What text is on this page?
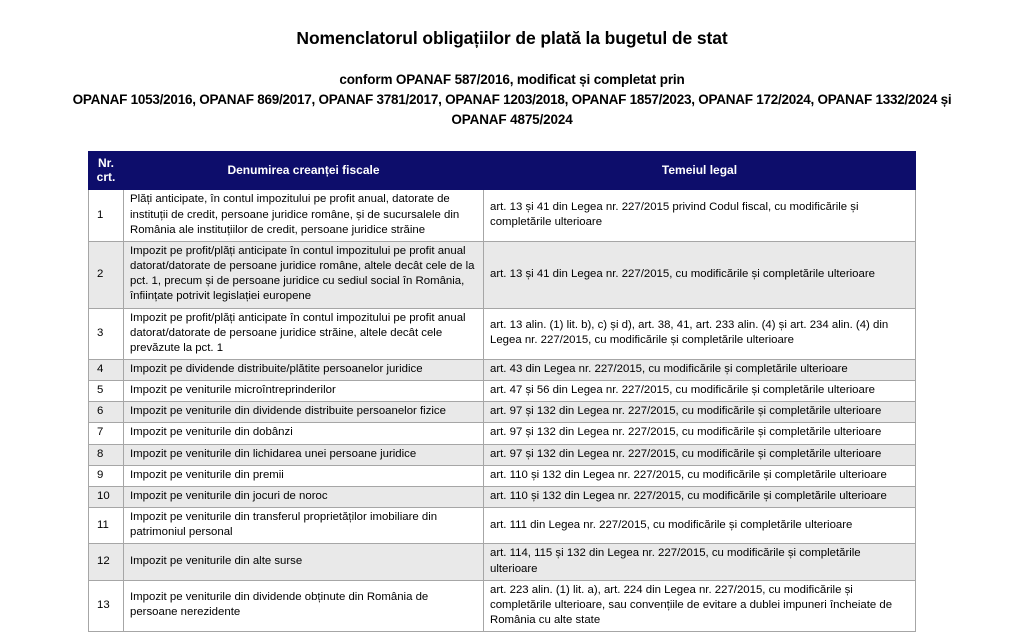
Nomenclatorul obligațiilor de plată la bugetul de stat
conform OPANAF 587/2016, modificat și completat prin
OPANAF 1053/2016, OPANAF 869/2017, OPANAF 3781/2017, OPANAF 1203/2018, OPANAF 1857/2023, OPANAF 172/2024, OPANAF 1332/2024 și
OPANAF 4875/2024
Nr.
crt.	Denumirea creanței fiscale	Temeiul legal
1	Plăți anticipate, în contul impozitului pe profit anual, datorate de instituții de credit, persoane juridice române, și de sucursalele din România ale instituțiilor de credit, persoane juridice străine	art. 13 și 41 din Legea nr. 227/2015 privind Codul fiscal, cu modificările și completările ulterioare
2	Impozit pe profit/plăți anticipate în contul impozitului pe profit anual datorat/datorate de persoane juridice române, altele decât cele de la pct. 1, precum și de persoane juridice cu sediul social în România, înființate potrivit legislației europene	art. 13 și 41 din Legea nr. 227/2015, cu modificările și completările ulterioare
3	Impozit pe profit/plăți anticipate în contul impozitului pe profit anual datorat/datorate de persoane juridice străine, altele decât cele prevăzute la pct. 1	art. 13 alin. (1) lit. b), c) și d), art. 38, 41, art. 233 alin. (4) și art. 234 alin. (4) din Legea nr. 227/2015, cu modificările și completările ulterioare
4	Impozit pe dividende distribuite/plătite persoanelor juridice	art. 43 din Legea nr. 227/2015, cu modificările și completările ulterioare
5	Impozit pe veniturile microîntreprinderilor	art. 47 și 56 din Legea nr. 227/2015, cu modificările și completările ulterioare
6	Impozit pe veniturile din dividende distribuite persoanelor fizice	art. 97 și 132 din Legea nr. 227/2015, cu modificările și completările ulterioare
7	Impozit pe veniturile din dobânzi	art. 97 și 132 din Legea nr. 227/2015, cu modificările și completările ulterioare
8	Impozit pe veniturile din lichidarea unei persoane juridice	art. 97 și 132 din Legea nr. 227/2015, cu modificările și completările ulterioare
9	Impozit pe veniturile din premii	art. 110 și 132 din Legea nr. 227/2015, cu modificările și completările ulterioare
10	Impozit pe veniturile din jocuri de noroc	art. 110 și 132 din Legea nr. 227/2015, cu modificările și completările ulterioare
11	Impozit pe veniturile din transferul proprietăților imobiliare din patrimoniul personal	art. 111 din Legea nr. 227/2015, cu modificările și completările ulterioare
12	Impozit pe veniturile din alte surse	art. 114, 115 și 132 din Legea nr. 227/2015, cu modificările și completările ulterioare
13	Impozit pe veniturile din dividende obținute din România de persoane nerezidente	art. 223 alin. (1) lit. a), art. 224 din Legea nr. 227/2015, cu modificările și completările ulterioare, sau convențiile de evitare a dublei impuneri încheiate de România cu alte state
